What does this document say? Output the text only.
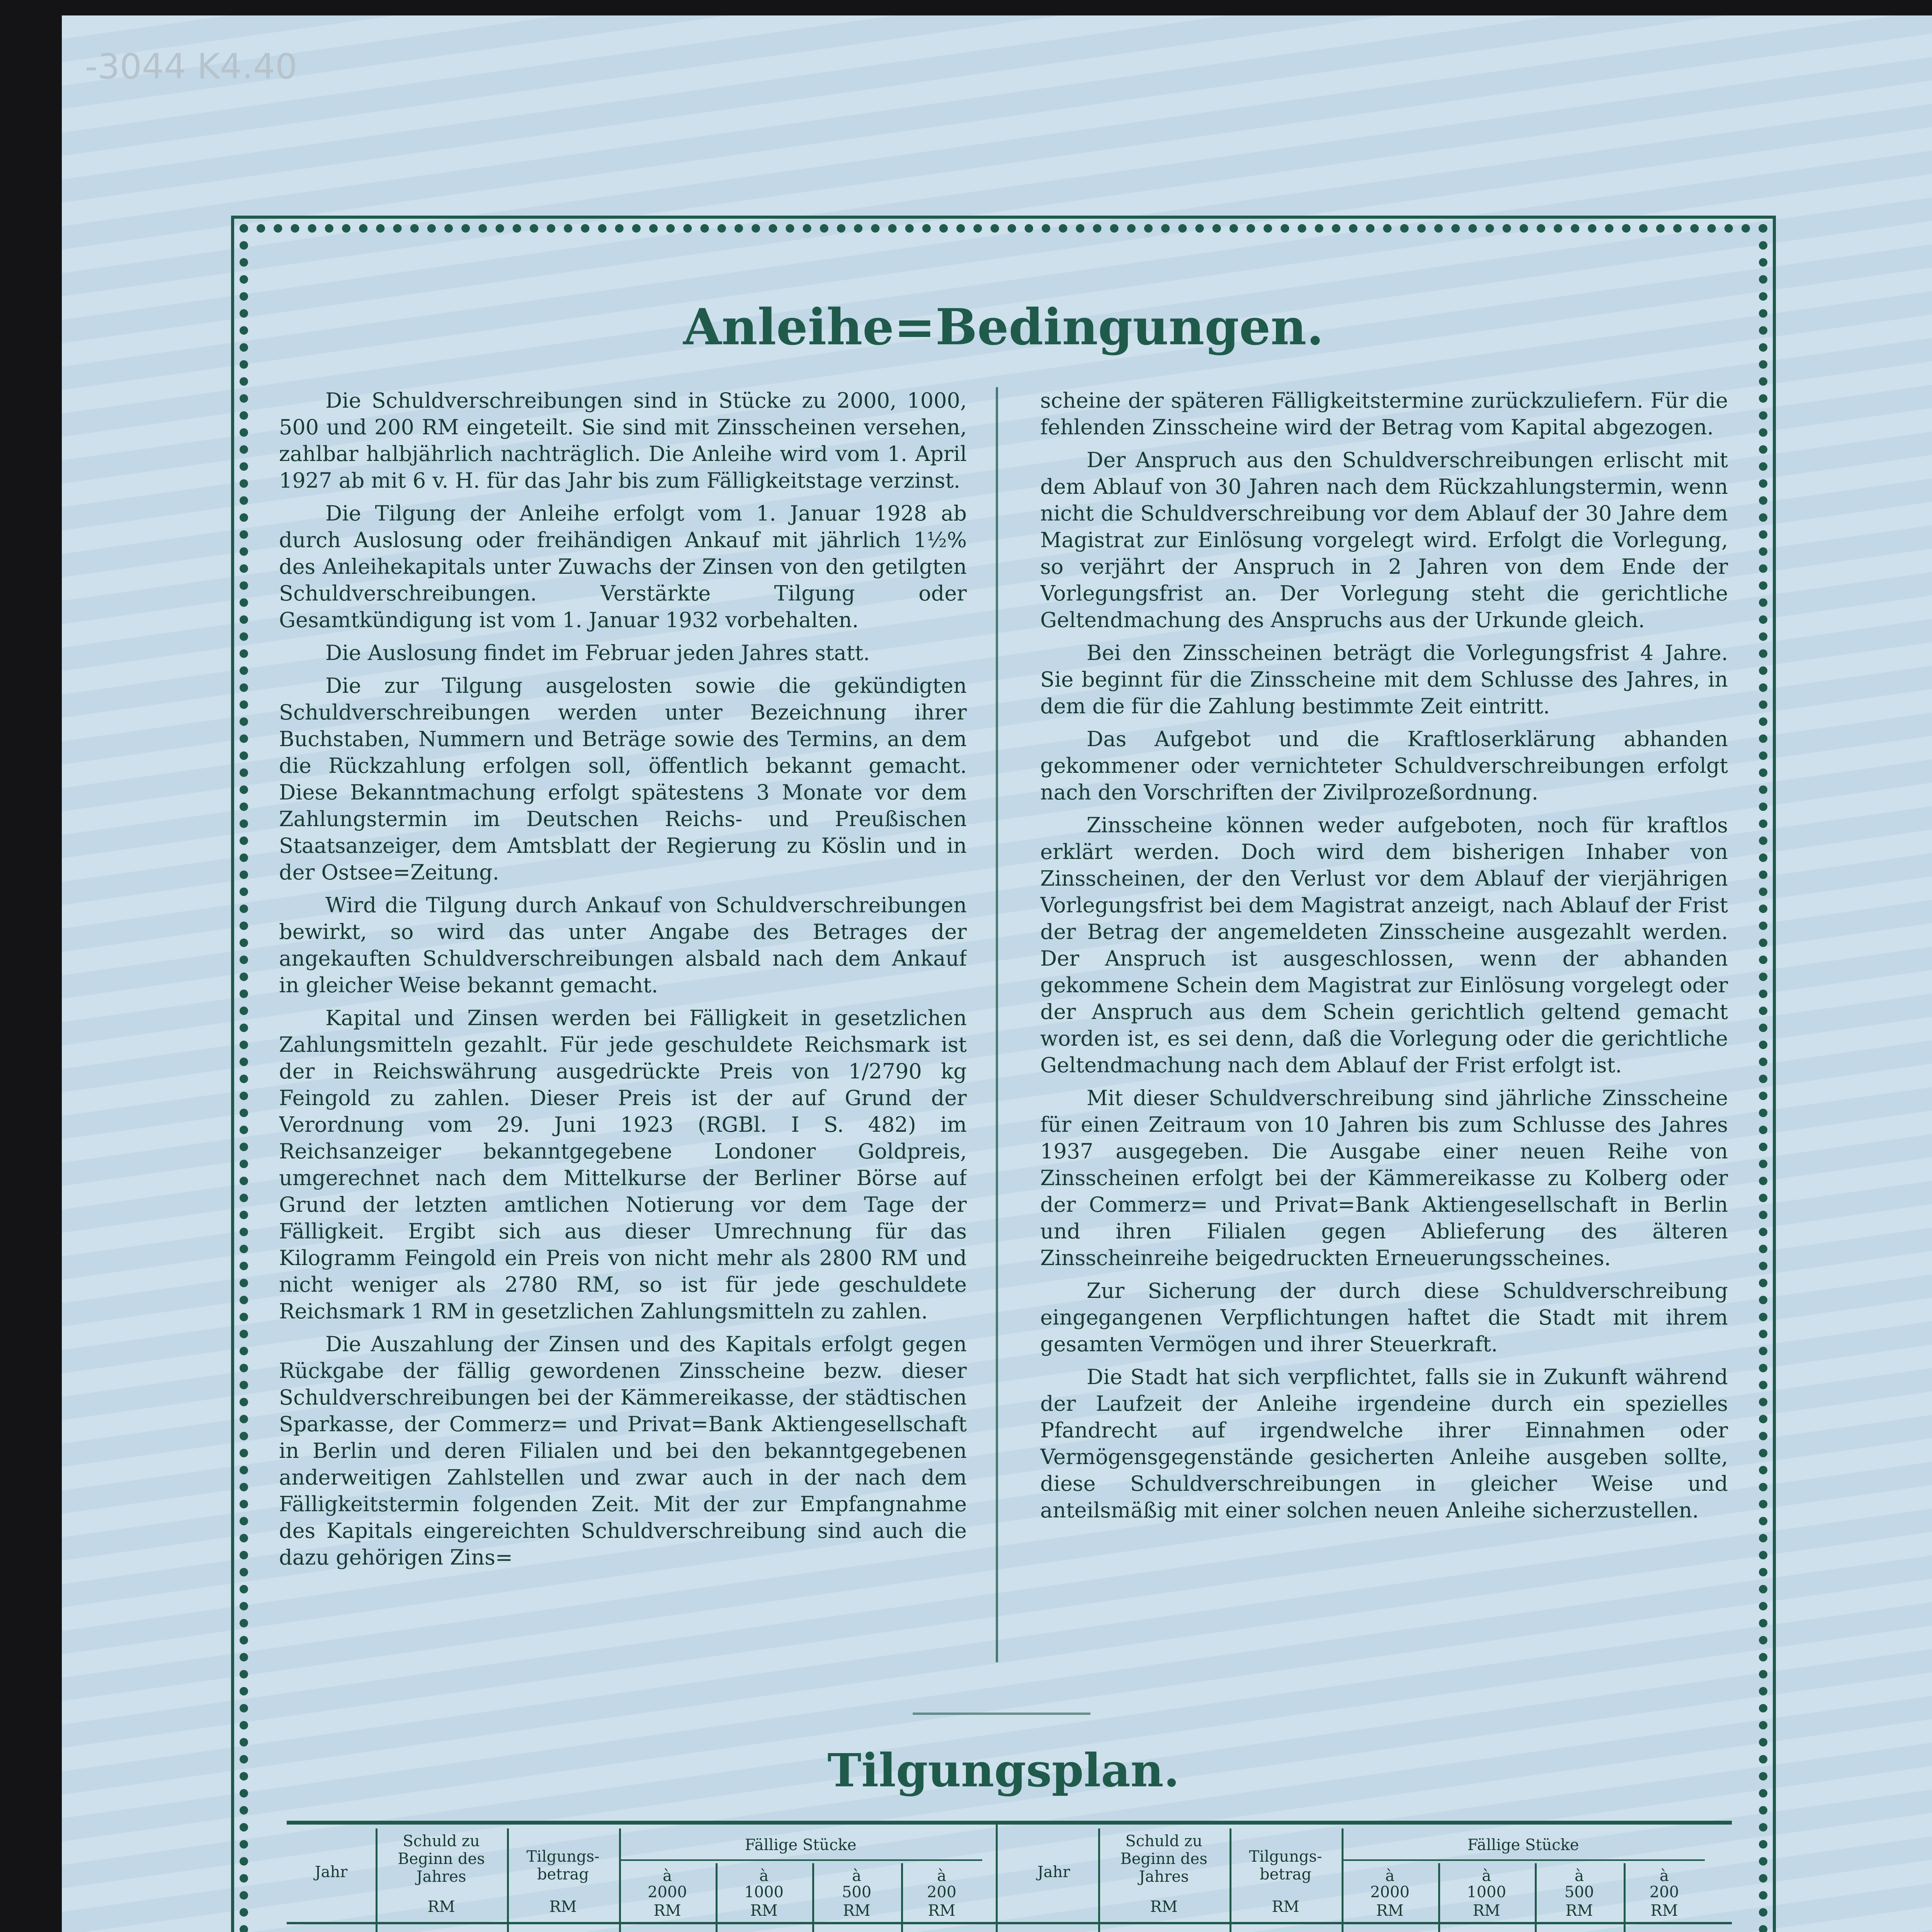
-3044 K4.40
Anleihe=Bedingungen.

Die Schuldverschreibungen sind in Stücke zu 2000, 1000, 500 und 200 RM eingeteilt. Sie sind mit Zinsscheinen versehen, zahlbar halbjährlich nachträglich. Die Anleihe wird vom 1. April 1927 ab mit 6 v. H. für das Jahr bis zum Fälligkeitstage verzinst.

Die Tilgung der Anleihe erfolgt vom 1. Januar 1928 ab durch Auslosung oder freihändigen Ankauf mit jährlich 1½% des Anleihekapitals unter Zuwachs der Zinsen von den getilgten Schuldverschreibungen. Verstärkte Tilgung oder Gesamtkündigung ist vom 1. Januar 1932 vorbehalten.

Die Auslosung findet im Februar jeden Jahres statt.

Die zur Tilgung ausgelosten sowie die gekündigten Schuldverschreibungen werden unter Bezeichnung ihrer Buchstaben, Nummern und Beträge sowie des Termins, an dem die Rückzahlung erfolgen soll, öffentlich bekannt gemacht. Diese Bekanntmachung erfolgt spätestens 3 Monate vor dem Zahlungstermin im Deutschen Reichs- und Preußischen Staatsanzeiger, dem Amtsblatt der Regierung zu Köslin und in der Ostsee=Zeitung.

Wird die Tilgung durch Ankauf von Schuldverschreibungen bewirkt, so wird das unter Angabe des Betrages der angekauften Schuldverschreibungen alsbald nach dem Ankauf in gleicher Weise bekannt gemacht.

Kapital und Zinsen werden bei Fälligkeit in gesetzlichen Zahlungsmitteln gezahlt. Für jede geschuldete Reichsmark ist der in Reichswährung ausgedrückte Preis von 1/2790 kg Feingold zu zahlen. Dieser Preis ist der auf Grund der Verordnung vom 29. Juni 1923 (RGBl. I S. 482) im Reichsanzeiger bekanntgegebene Londoner Goldpreis, umgerechnet nach dem Mittelkurse der Berliner Börse auf Grund der letzten amtlichen Notierung vor dem Tage der Fälligkeit. Ergibt sich aus dieser Umrechnung für das Kilogramm Feingold ein Preis von nicht mehr als 2800 RM und nicht weniger als 2780 RM, so ist für jede geschuldete Reichsmark 1 RM in gesetzlichen Zahlungsmitteln zu zahlen.

Die Auszahlung der Zinsen und des Kapitals erfolgt gegen Rückgabe der fällig gewordenen Zinsscheine bezw. dieser Schuldverschreibungen bei der Kämmereikasse, der städtischen Sparkasse, der Commerz= und Privat=Bank Aktiengesellschaft in Berlin und deren Filialen und bei den bekanntgegebenen anderweitigen Zahlstellen und zwar auch in der nach dem Fälligkeitstermin folgenden Zeit. Mit der zur Empfangnahme des Kapitals eingereichten Schuldverschreibung sind auch die dazu gehörigen Zins=

scheine der späteren Fälligkeitstermine zurückzuliefern. Für die fehlenden Zinsscheine wird der Betrag vom Kapital abgezogen.

Der Anspruch aus den Schuldverschreibungen erlischt mit dem Ablauf von 30 Jahren nach dem Rückzahlungstermin, wenn nicht die Schuldverschreibung vor dem Ablauf der 30 Jahre dem Magistrat zur Einlösung vorgelegt wird. Erfolgt die Vorlegung, so verjährt der Anspruch in 2 Jahren von dem Ende der Vorlegungsfrist an. Der Vorlegung steht die gerichtliche Geltendmachung des Anspruchs aus der Urkunde gleich.

Bei den Zinsscheinen beträgt die Vorlegungsfrist 4 Jahre. Sie beginnt für die Zinsscheine mit dem Schlusse des Jahres, in dem die für die Zahlung bestimmte Zeit eintritt.

Das Aufgebot und die Kraftloserklärung abhanden gekommener oder vernichteter Schuldverschreibungen erfolgt nach den Vorschriften der Zivilprozeßordnung.

Zinsscheine können weder aufgeboten, noch für kraftlos erklärt werden. Doch wird dem bisherigen Inhaber von Zinsscheinen, der den Verlust vor dem Ablauf der vierjährigen Vorlegungsfrist bei dem Magistrat anzeigt, nach Ablauf der Frist der Betrag der angemeldeten Zinsscheine ausgezahlt werden. Der Anspruch ist ausgeschlossen, wenn der abhanden gekommene Schein dem Magistrat zur Einlösung vorgelegt oder der Anspruch aus dem Schein gerichtlich geltend gemacht worden ist, es sei denn, daß die Vorlegung oder die gerichtliche Geltendmachung nach dem Ablauf der Frist erfolgt ist.

Mit dieser Schuldverschreibung sind jährliche Zinsscheine für einen Zeitraum von 10 Jahren bis zum Schlusse des Jahres 1937 ausgegeben. Die Ausgabe einer neuen Reihe von Zinsscheinen erfolgt bei der Kämmereikasse zu Kolberg oder der Commerz= und Privat=Bank Aktiengesellschaft in Berlin und ihren Filialen gegen Ablieferung des älteren Zinsscheinreihe beigedruckten Erneuerungsscheines.

Zur Sicherung der durch diese Schuldverschreibung eingegangenen Verpflichtungen haftet die Stadt mit ihrem gesamten Vermögen und ihrer Steuerkraft.

Die Stadt hat sich verpflichtet, falls sie in Zukunft während der Laufzeit der Anleihe irgendeine durch ein spezielles Pfandrecht auf irgendwelche ihrer Einnahmen oder Vermögensgegenstände gesicherten Anleihe ausgeben sollte, diese Schuldverschreibungen in gleicher Weise und anteilsmäßig mit einer solchen neuen Anleihe sicherzustellen.

Tilgungsplan.
Jahr
Schuld zu Beginn des Jahres
RM
Tilgungs-betrag
RM
Fällige Stücke
à
2000
RM
à
1000
RM
à
500
RM
à
200
RM
Jahr
Schuld zu Beginn des Jahres
RM
Tilgungs-betrag
RM
Fällige Stücke
à
2000
RM
à
1000
RM
à
500
RM
à
200
RM
